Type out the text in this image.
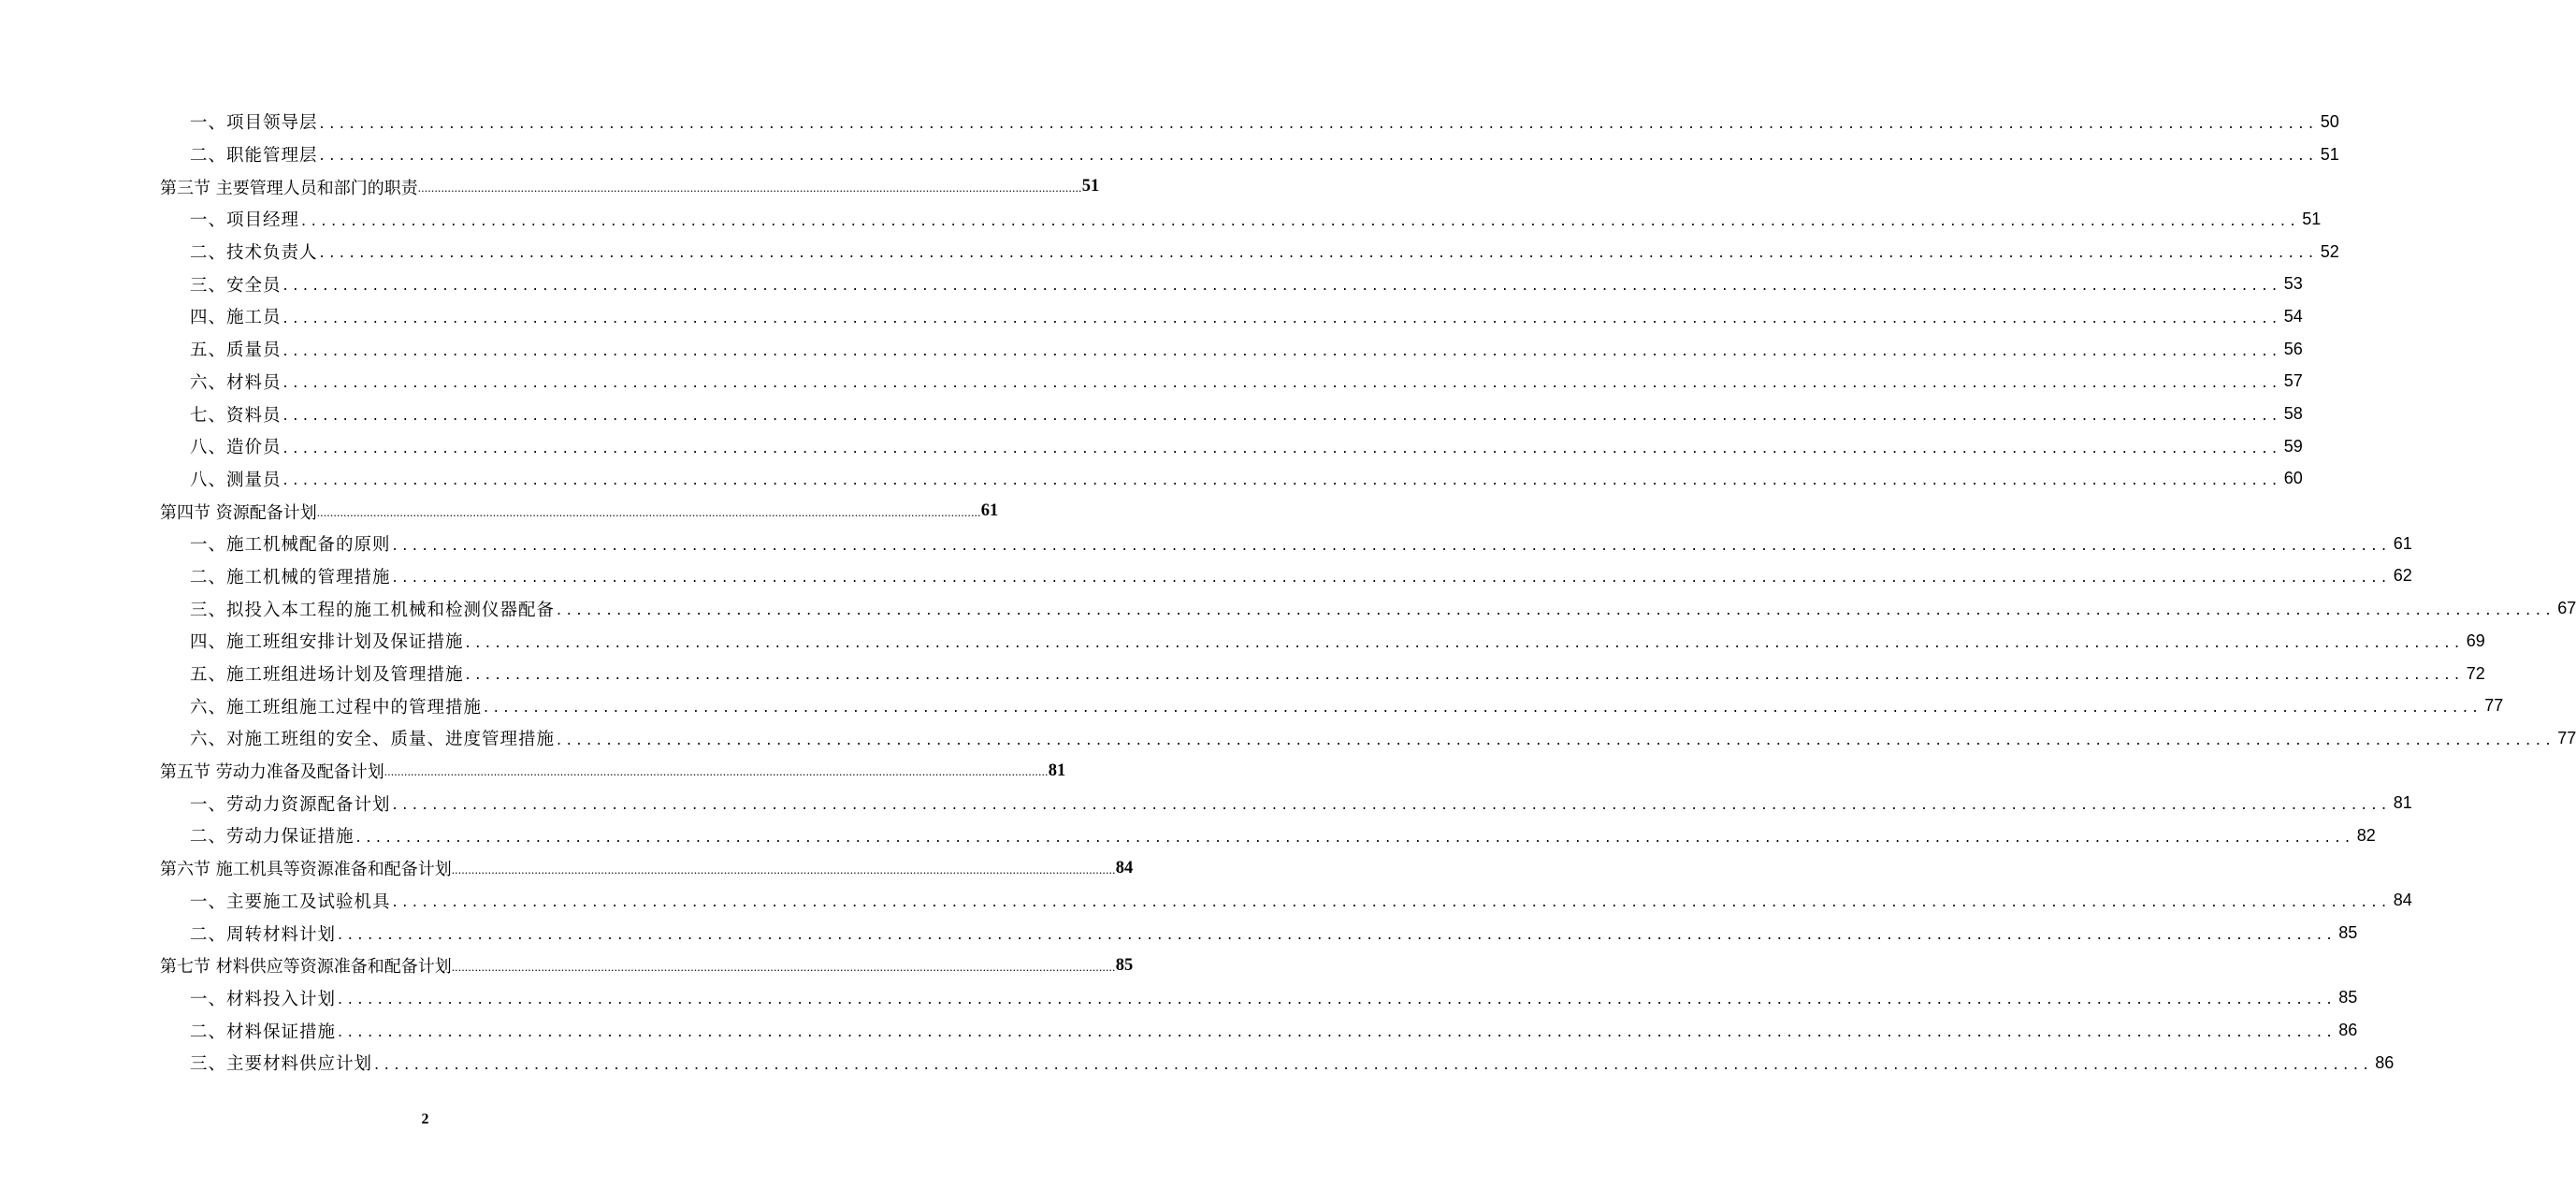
一、项目领导层 ........................................................................................................................................................................................................ 50
二、职能管理层 ........................................................................................................................................................................................................ 51
第三节 主要管理人员和部门的职责 ........................................................................................................................................................................................................ 51
一、项目经理 ........................................................................................................................................................................................................ 51
二、技术负责人 ........................................................................................................................................................................................................ 52
三、安全员 ........................................................................................................................................................................................................ 53
四、施工员 ........................................................................................................................................................................................................ 54
五、质量员 ........................................................................................................................................................................................................ 56
六、材料员 ........................................................................................................................................................................................................ 57
七、资料员 ........................................................................................................................................................................................................ 58
八、造价员 ........................................................................................................................................................................................................ 59
八、测量员 ........................................................................................................................................................................................................ 60
第四节 资源配备计划 ........................................................................................................................................................................................................ 61
一、施工机械配备的原则 ........................................................................................................................................................................................................ 61
二、施工机械的管理措施 ........................................................................................................................................................................................................ 62
三、拟投入本工程的施工机械和检测仪器配备 ........................................................................................................................................................................................................ 67
四、施工班组安排计划及保证措施 ........................................................................................................................................................................................................ 69
五、施工班组进场计划及管理措施 ........................................................................................................................................................................................................ 72
六、施工班组施工过程中的管理措施 ........................................................................................................................................................................................................ 77
六、对施工班组的安全、质量、进度管理措施 ........................................................................................................................................................................................................ 77
第五节 劳动力准备及配备计划 ........................................................................................................................................................................................................ 81
一、劳动力资源配备计划 ........................................................................................................................................................................................................ 81
二、劳动力保证措施 ........................................................................................................................................................................................................ 82
第六节 施工机具等资源准备和配备计划 ........................................................................................................................................................................................................ 84
一、主要施工及试验机具 ........................................................................................................................................................................................................ 84
二、周转材料计划 ........................................................................................................................................................................................................ 85
第七节 材料供应等资源准备和配备计划 ........................................................................................................................................................................................................ 85
一、材料投入计划 ........................................................................................................................................................................................................ 85
二、材料保证措施 ........................................................................................................................................................................................................ 86
三、主要材料供应计划 ........................................................................................................................................................................................................ 86
2
